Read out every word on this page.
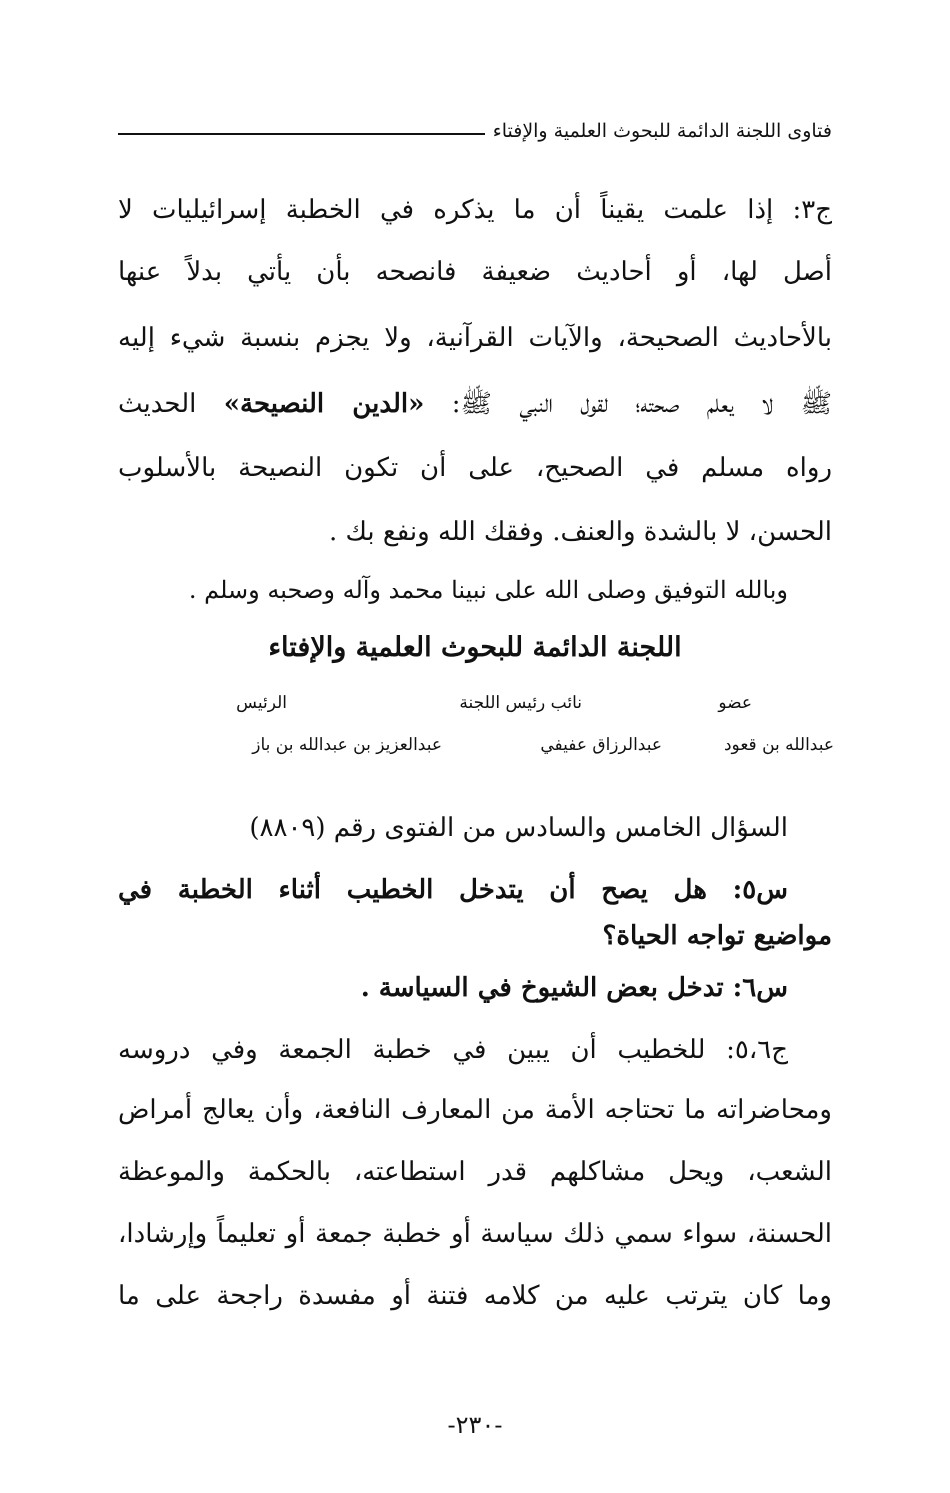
فتاوى اللجنة الدائمة للبحوث العلمية والإفتاء
ج٣: إذا علمت يقيناً أن ما يذكره في الخطبة إسرائيليات لا
أصل لها، أو أحاديث ضعيفة فانصحه بأن يأتي بدلاً عنها
بالأحاديث الصحيحة، والآيات القرآنية، ولا يجزم بنسبة شيء إليه
ﷺ لا يعلم صحته؛ لقول النبي ﷺ: «الدين النصيحة» الحديث
رواه مسلم في الصحيح، على أن تكون النصيحة بالأسلوب
الحسن، لا بالشدة والعنف. وفقك الله ونفع بك .
وبالله التوفيق وصلى الله على نبينا محمد وآله وصحبه وسلم .
اللجنة الدائمة للبحوث العلمية والإفتاء
عضو
نائب رئيس اللجنة
الرئيس
عبدالله بن قعود
عبدالرزاق عفيفي
عبدالعزيز بن عبدالله بن باز
السؤال الخامس والسادس من الفتوى رقم (٨٨٠٩)
س٥: هل يصح أن يتدخل الخطيب أثناء الخطبة في
مواضيع تواجه الحياة؟
س٦: تدخل بعض الشيوخ في السياسة .
ج٥،٦: للخطيب أن يبين في خطبة الجمعة وفي دروسه
ومحاضراته ما تحتاجه الأمة من المعارف النافعة، وأن يعالج أمراض
الشعب، ويحل مشاكلهم قدر استطاعته، بالحكمة والموعظة
الحسنة، سواء سمي ذلك سياسة أو خطبة جمعة أو تعليماً وإرشادا،
وما كان يترتب عليه من كلامه فتنة أو مفسدة راجحة على ما
-٢٣٠-
